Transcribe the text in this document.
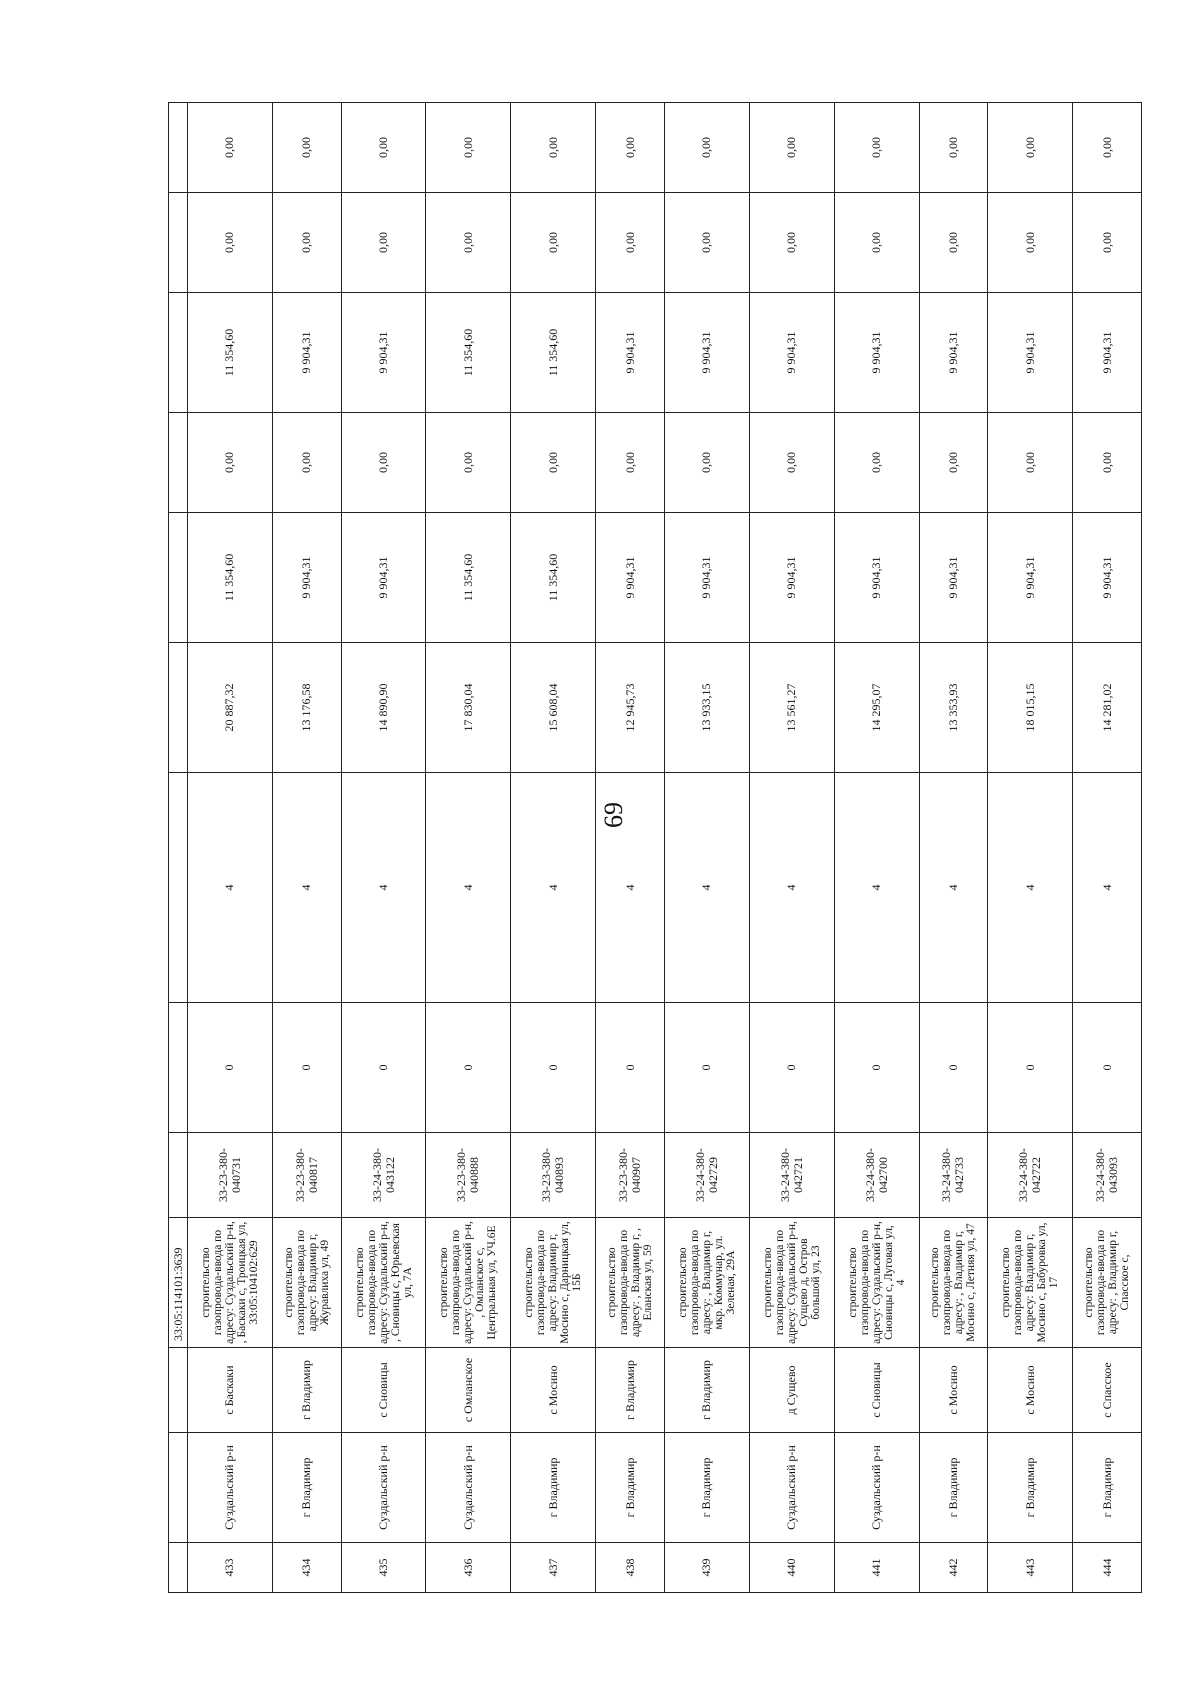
69
			33:05:114101:3639									
433	Суздальский р-н	с Баскаки	строительство газопровода-ввода по адресу: Суздальский р-н, , Баскаки с, Троицкая ул, 33:05:104102:629	33-23-380-040731	0	4	20 887,32	11 354,60	0,00	11 354,60	0,00	0,00
434	г Владимир	г Владимир	строительство газопровода-ввода по адресу: Владимир г, Журавлиха ул, 49	33-23-380-040817	0	4	13 176,58	9 904,31	0,00	9 904,31	0,00	0,00
435	Суздальский р-н	с Сновицы	строительство газопровода-ввода по адресу: Суздальский р-н, , Сновицы с, Юрьевская ул, 7А	33-24-380-043122	0	4	14 890,90	9 904,31	0,00	9 904,31	0,00	0,00
436	Суздальский р-н	с Омланское	строительство газопровода-ввода по адресу: Суздальский р-н, , Омланское с, Центральная ул, УЧ.6Е	33-23-380-040888	0	4	17 830,04	11 354,60	0,00	11 354,60	0,00	0,00
437	г Владимир	с Мосино	строительство газопровода-ввода по адресу: Владимир г, Мосино с, Дарницкая ул, 15Б	33-23-380-040893	0	4	15 608,04	11 354,60	0,00	11 354,60	0,00	0,00
438	г Владимир	г Владимир	строительство газопровода-ввода по адресу: , Владимир г, , Еланская ул, 59	33-23-380-040907	0	4	12 945,73	9 904,31	0,00	9 904,31	0,00	0,00
439	г Владимир	г Владимир	строительство газопровода-ввода по адресу: , Владимир г, мкр. Коммунар, ул. Зеленая, 29А	33-24-380-042729	0	4	13 933,15	9 904,31	0,00	9 904,31	0,00	0,00
440	Суздальский р-н	д Сущево	строительство газопровода-ввода по адресу: Суздальский р-н, Сущево д, Остров большой ул, 23	33-24-380-042721	0	4	13 561,27	9 904,31	0,00	9 904,31	0,00	0,00
441	Суздальский р-н	с Сновицы	строительство газопровода-ввода по адресу: Суздальский р-н, Сновицы с, Луговая ул, 4	33-24-380-042700	0	4	14 295,07	9 904,31	0,00	9 904,31	0,00	0,00
442	г Владимир	с Мосино	строительство газопровода-ввода по адресу: , Владимир г, Мосино с, Летняя ул, 47	33-24-380-042733	0	4	13 353,93	9 904,31	0,00	9 904,31	0,00	0,00
443	г Владимир	с Мосино	строительство газопровода-ввода по адресу: Владимир г, Мосино с, Бабуровка ул, 17	33-24-380-042722	0	4	18 015,15	9 904,31	0,00	9 904,31	0,00	0,00
444	г Владимир	с Спасское	строительство газопровода-ввода по адресу: , Владимир г, Спасское с,	33-24-380-043093	0	4	14 281,02	9 904,31	0,00	9 904,31	0,00	0,00
